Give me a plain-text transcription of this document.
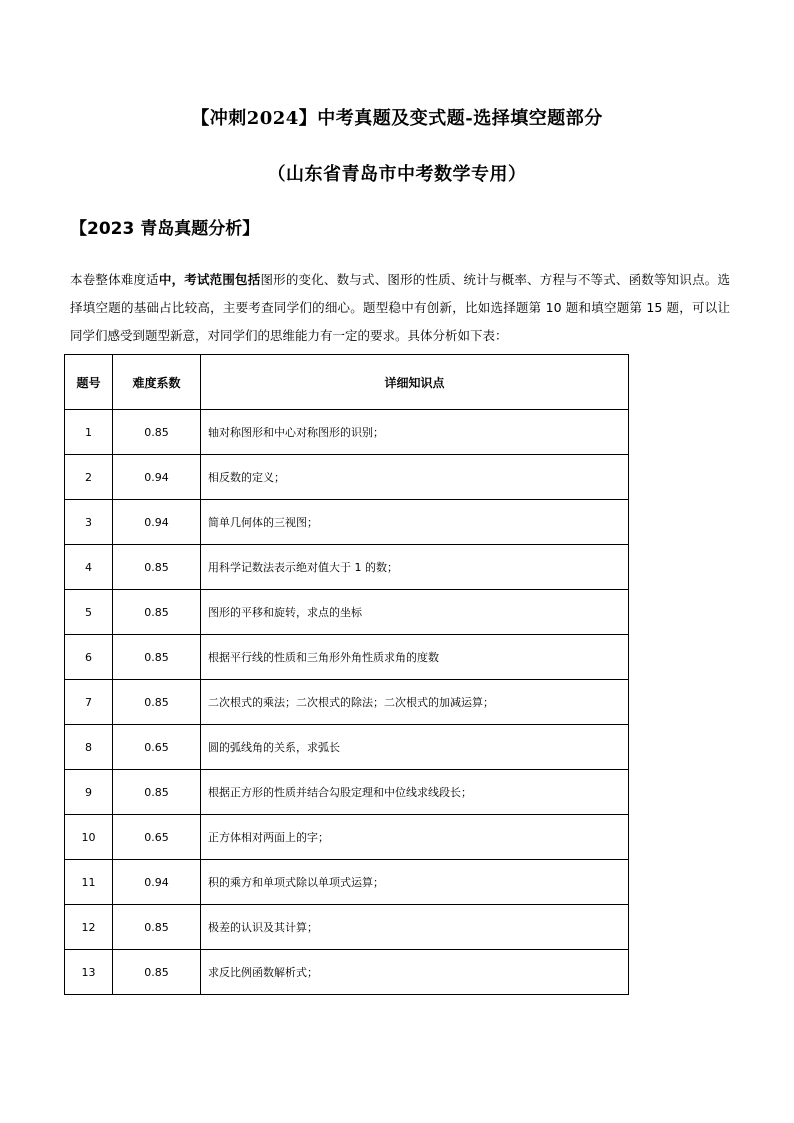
【冲刺2024】中考真题及变式题-选择填空题部分
（山东省青岛市中考数学专用）
【2023 青岛真题分析】

本卷整体难度适中，考试范围包括图形的变化、数与式、图形的性质、统计与概率、方程与不等式、函数等知识点。选择填空题的基础占比较高，主要考查同学们的细心。题型稳中有创新，比如选择题第 10 题和填空题第 15 题，可以让同学们感受到题型新意，对同学们的思维能力有一定的要求。具体分析如下表：

题号	难度系数	详细知识点
1	0.85	轴对称图形和中心对称图形的识别；
2	0.94	相反数的定义；
3	0.94	简单几何体的三视图；
4	0.85	用科学记数法表示绝对值大于 1 的数；
5	0.85	图形的平移和旋转，求点的坐标
6	0.85	根据平行线的性质和三角形外角性质求角的度数
7	0.85	二次根式的乘法；二次根式的除法；二次根式的加减运算；
8	0.65	圆的弧线角的关系，求弧长
9	0.85	根据正方形的性质并结合勾股定理和中位线求线段长；
10	0.65	正方体相对两面上的字；
11	0.94	积的乘方和单项式除以单项式运算；
12	0.85	极差的认识及其计算；
13	0.85	求反比例函数解析式；
